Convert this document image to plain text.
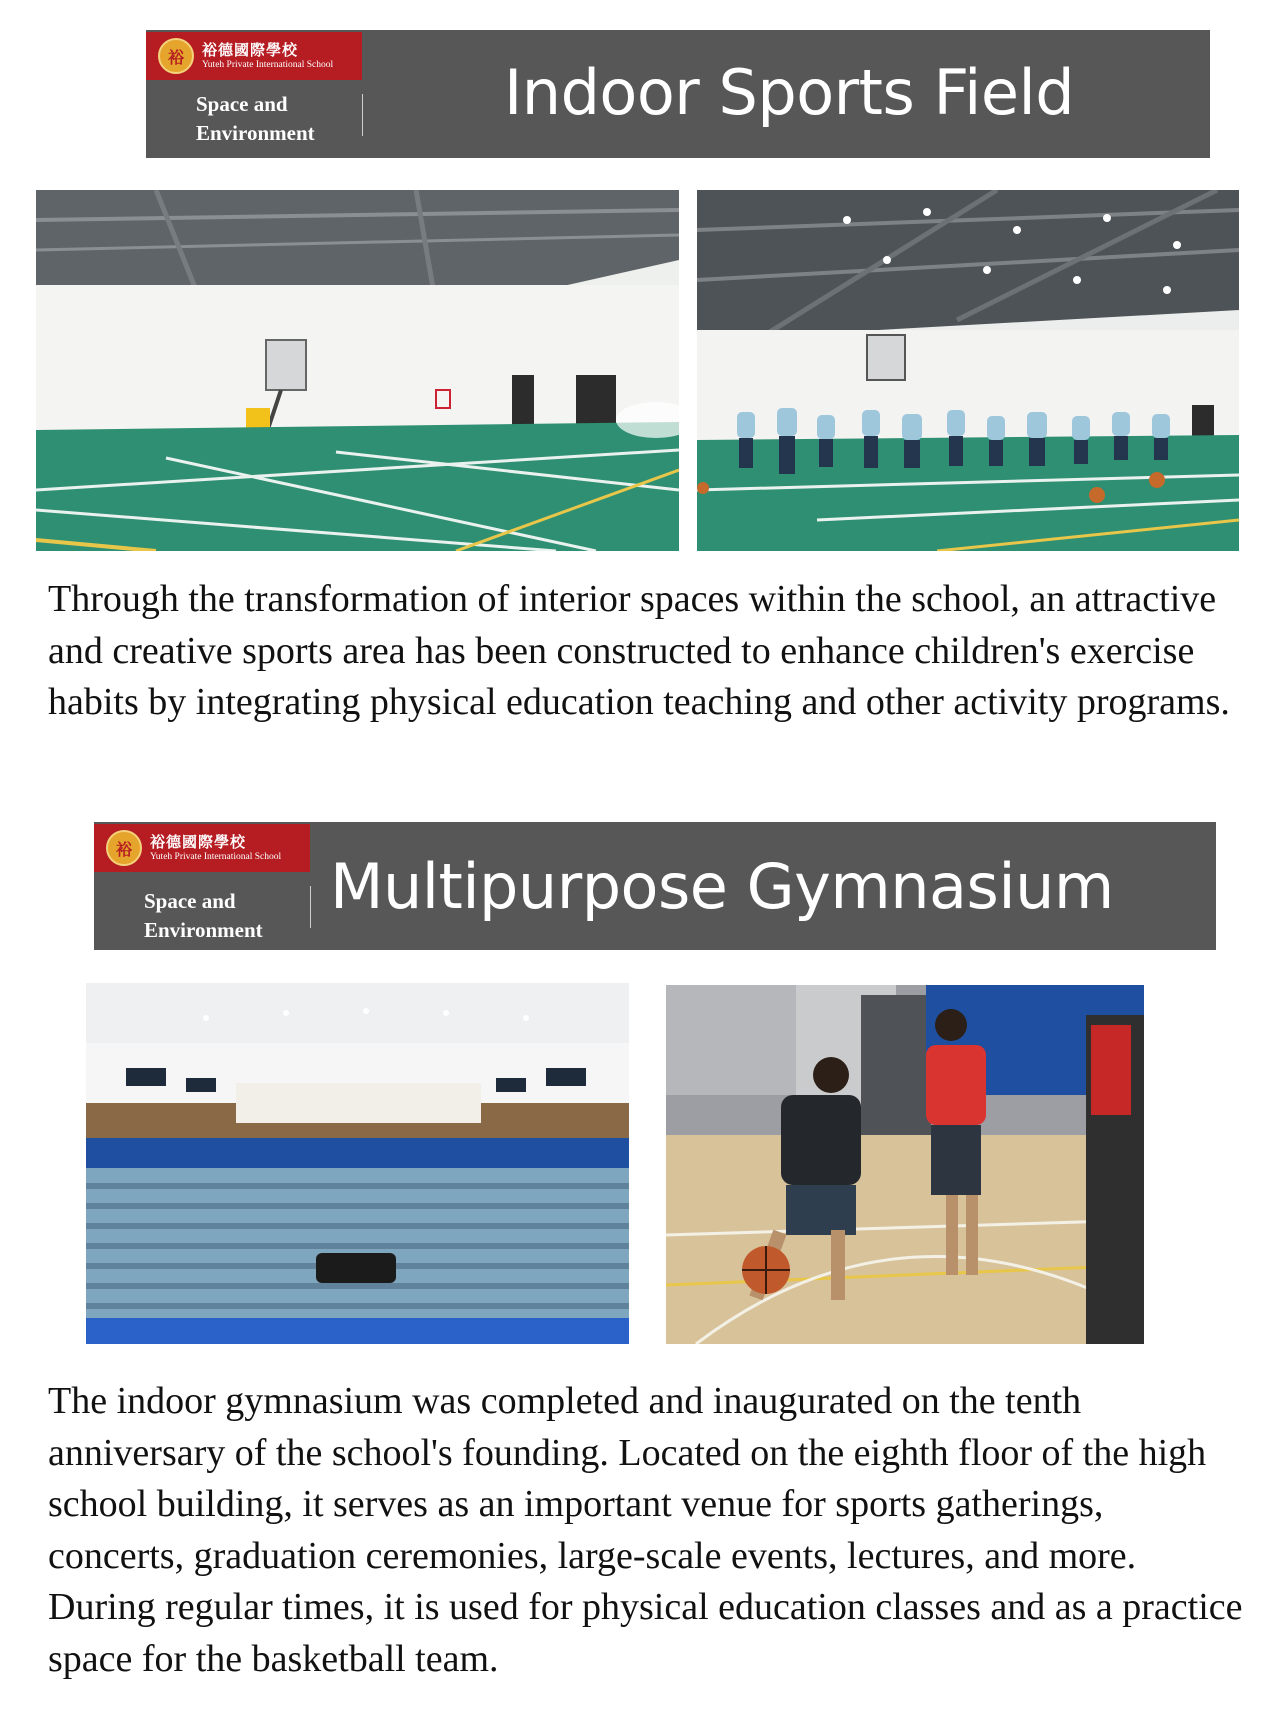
裕	裕德國際學校
Yuteh Private International School
Space and
Environment
Indoor Sports Field
Through the transformation of interior spaces within the school, an attractive and creative sports area has been constructed to enhance children's exercise habits by integrating physical education teaching and other activity programs.
裕	裕德國際學校
Yuteh Private International School
Space and
Environment
Multipurpose Gymnasium
The indoor gymnasium was completed and inaugurated on the tenth anniversary of the school's founding. Located on the eighth floor of the high school building, it serves as an important venue for sports gatherings, concerts, graduation ceremonies, large-scale events, lectures, and more. During regular times, it is used for physical education classes and as a practice space for the basketball team.
